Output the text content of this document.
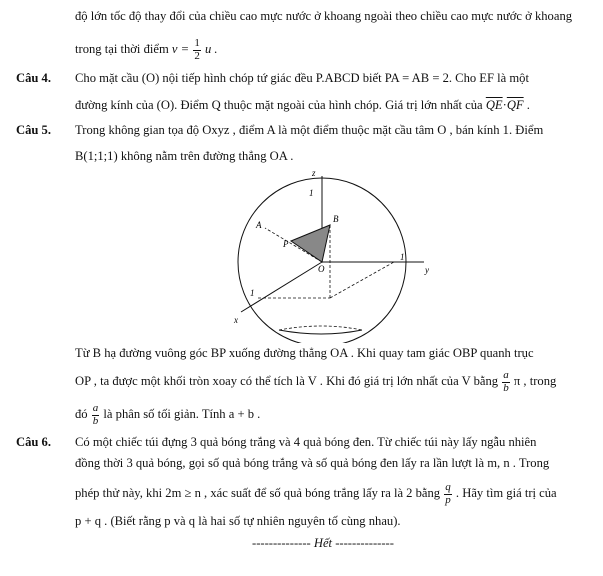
độ lớn tốc độ thay đổi của chiều cao mực nước ở khoang ngoài theo chiều cao mực nước ở khoang
trong tại thời điểm $v = \frac{1}{2}$ u .
Câu 4. Cho mặt cầu (O) nội tiếp hình chóp tứ giác đều P.ABCD biết PA = AB = 2. Cho EF là một
đường kính của (O). Điểm Q thuộc mặt ngoài của hình chóp. Giá trị lớn nhất của $\overline{QE}\cdot\overline{QF}$ .
Câu 5. Trong không gian tọa độ Oxyz , điểm A là một điểm thuộc mặt cầu tâm O , bán kính 1. Điểm
B(1;1;1) không nằm trên đường thẳng OA .
z
1
y
1
x
1
A
B
P
O
Từ B hạ đường vuông góc BP xuống đường thẳng OA . Khi quay tam giác OBP quanh trục
OP , ta được một khối tròn xoay có thể tích là V . Khi đó giá trị lớn nhất của V bằng $\frac{a}{b}$ π , trong
đó $\frac{a}{b}$ là phân số tối giản. Tính a + b .
Câu 6. Có một chiếc túi đựng 3 quả bóng trắng và 4 quả bóng đen. Từ chiếc túi này lấy ngẫu nhiên
đồng thời 3 quả bóng, gọi số quả bóng trắng và số quả bóng đen lấy ra lần lượt là m, n . Trong
phép thử này, khi 2m ≥ n , xác suất để số quả bóng trắng lấy ra là 2 bằng $\frac{q}{p}$ . Hãy tìm giá trị của
p + q . (Biết rằng p và q là hai số tự nhiên nguyên tố cùng nhau).
-------------- Hết --------------
